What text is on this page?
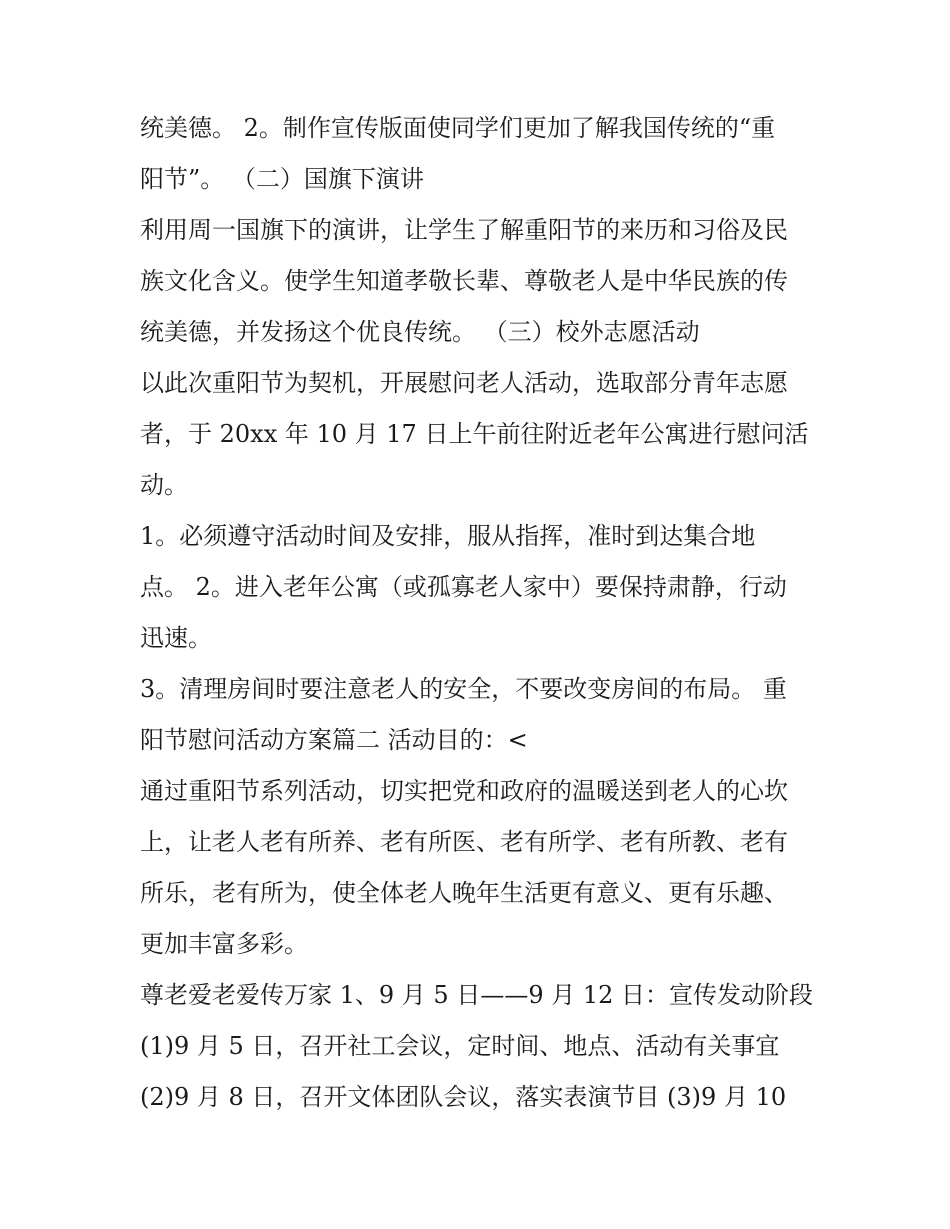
统美德。 2。制作宣传版面使同学们更加了解我国传统的“重

阳节”。 （二）国旗下演讲

利用周一国旗下的演讲，让学生了解重阳节的来历和习俗及民

族文化含义。使学生知道孝敬长辈、尊敬老人是中华民族的传

统美德，并发扬这个优良传统。 （三）校外志愿活动

以此次重阳节为契机，开展慰问老人活动，选取部分青年志愿

者，于 20xx 年 10 月 17 日上午前往附近老年公寓进行慰问活

动。

1。必须遵守活动时间及安排，服从指挥，准时到达集合地

点。 2。进入老年公寓（或孤寡老人家中）要保持肃静，行动

迅速。

3。清理房间时要注意老人的安全，不要改变房间的布局。 重

阳节慰问活动方案篇二 活动目的：<

通过重阳节系列活动，切实把党和政府的温暖送到老人的心坎

上，让老人老有所养、老有所医、老有所学、老有所教、老有

所乐，老有所为，使全体老人晚年生活更有意义、更有乐趣、

更加丰富多彩。

尊老爱老爱传万家 1、9 月 5 日——9 月 12 日：宣传发动阶段

(1)9 月 5 日，召开社工会议，定时间、地点、活动有关事宜

(2)9 月 8 日，召开文体团队会议，落实表演节目 (3)9 月 10
